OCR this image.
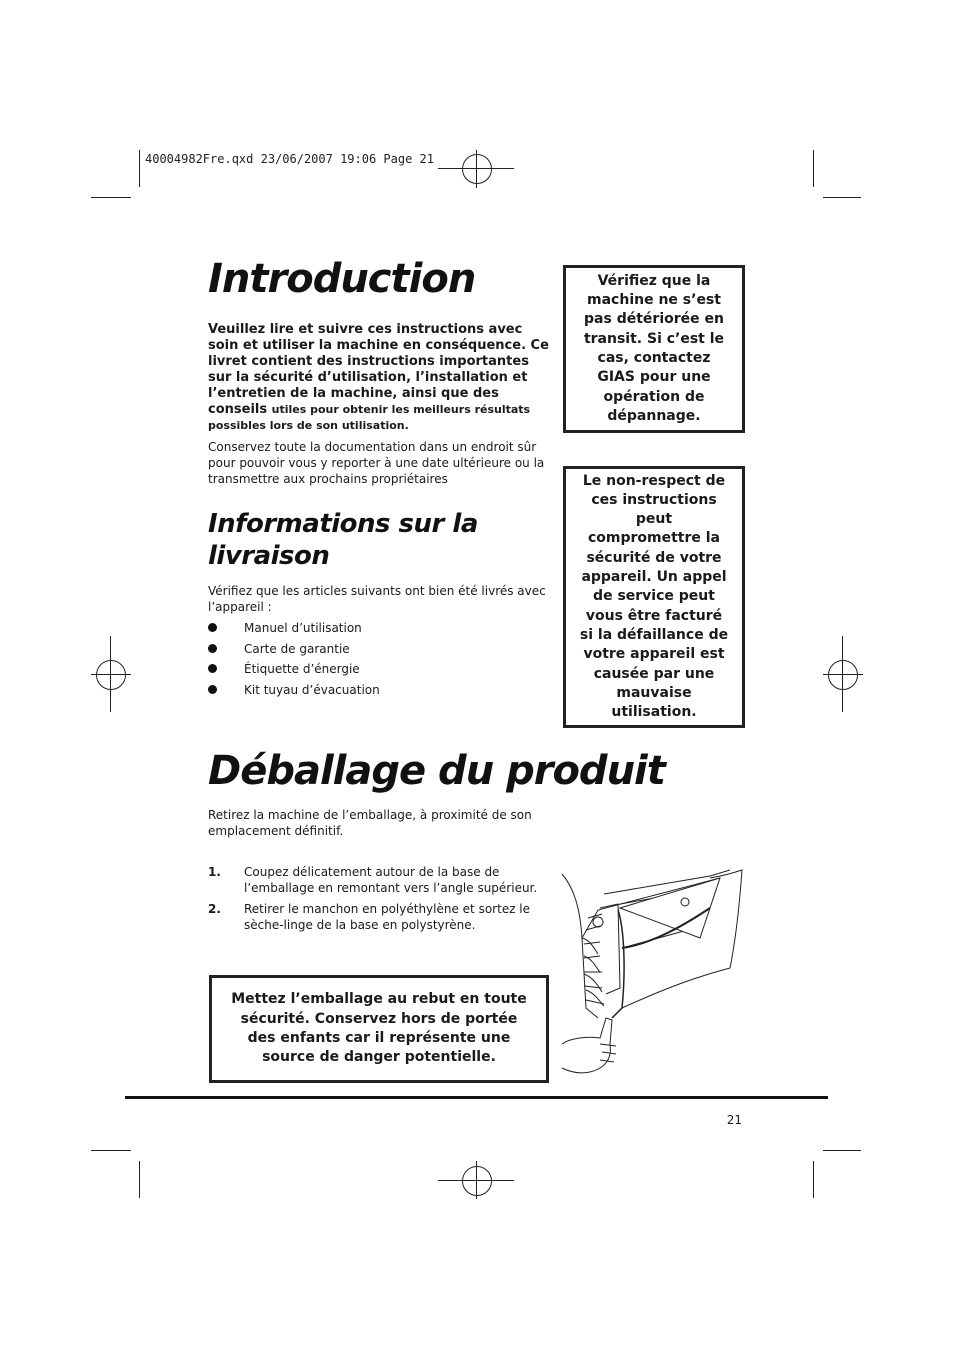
40004982Fre.qxd 23/06/2007 19:06 Page 21
Introduction

Veuillez lire et suivre ces instructions avec soin et utiliser la machine en conséquence. Ce livret contient des instructions importantes sur la sécurité d’utilisation, l’installation et l’entretien de la machine, ainsi que des conseils utiles pour obtenir les meilleurs résultats possibles lors de son utilisation.

Conservez toute la documentation dans un endroit sûr pour pouvoir vous y reporter à une date ultérieure ou la transmettre aux prochains propriétaires

Informations sur la livraison

Vérifiez que les articles suivants ont bien été livrés avec l’appareil :

Manuel d’utilisation
Carte de garantie
Étiquette d’énergie
Kit tuyau d’évacuation
Vérifiez que la machine ne s’est pas détériorée en transit. Si c’est le cas, contactez GIAS pour une opération de dépannage.
Le non-respect de ces instructions peut compromettre la sécurité de votre appareil. Un appel de service peut vous être facturé si la défaillance de votre appareil est causée par une mauvaise utilisation.
Déballage du produit

Retirez la machine de l’emballage, à proximité de son emplacement définitif.

1. Coupez délicatement autour de la base de l’emballage en remontant vers l’angle supérieur.
2. Retirer le manchon en polyéthylène et sortez le sèche-linge de la base en polystyrène.
Mettez l’emballage au rebut en toute sécurité. Conservez hors de portée des enfants car il représente une source de danger potentielle.
21
